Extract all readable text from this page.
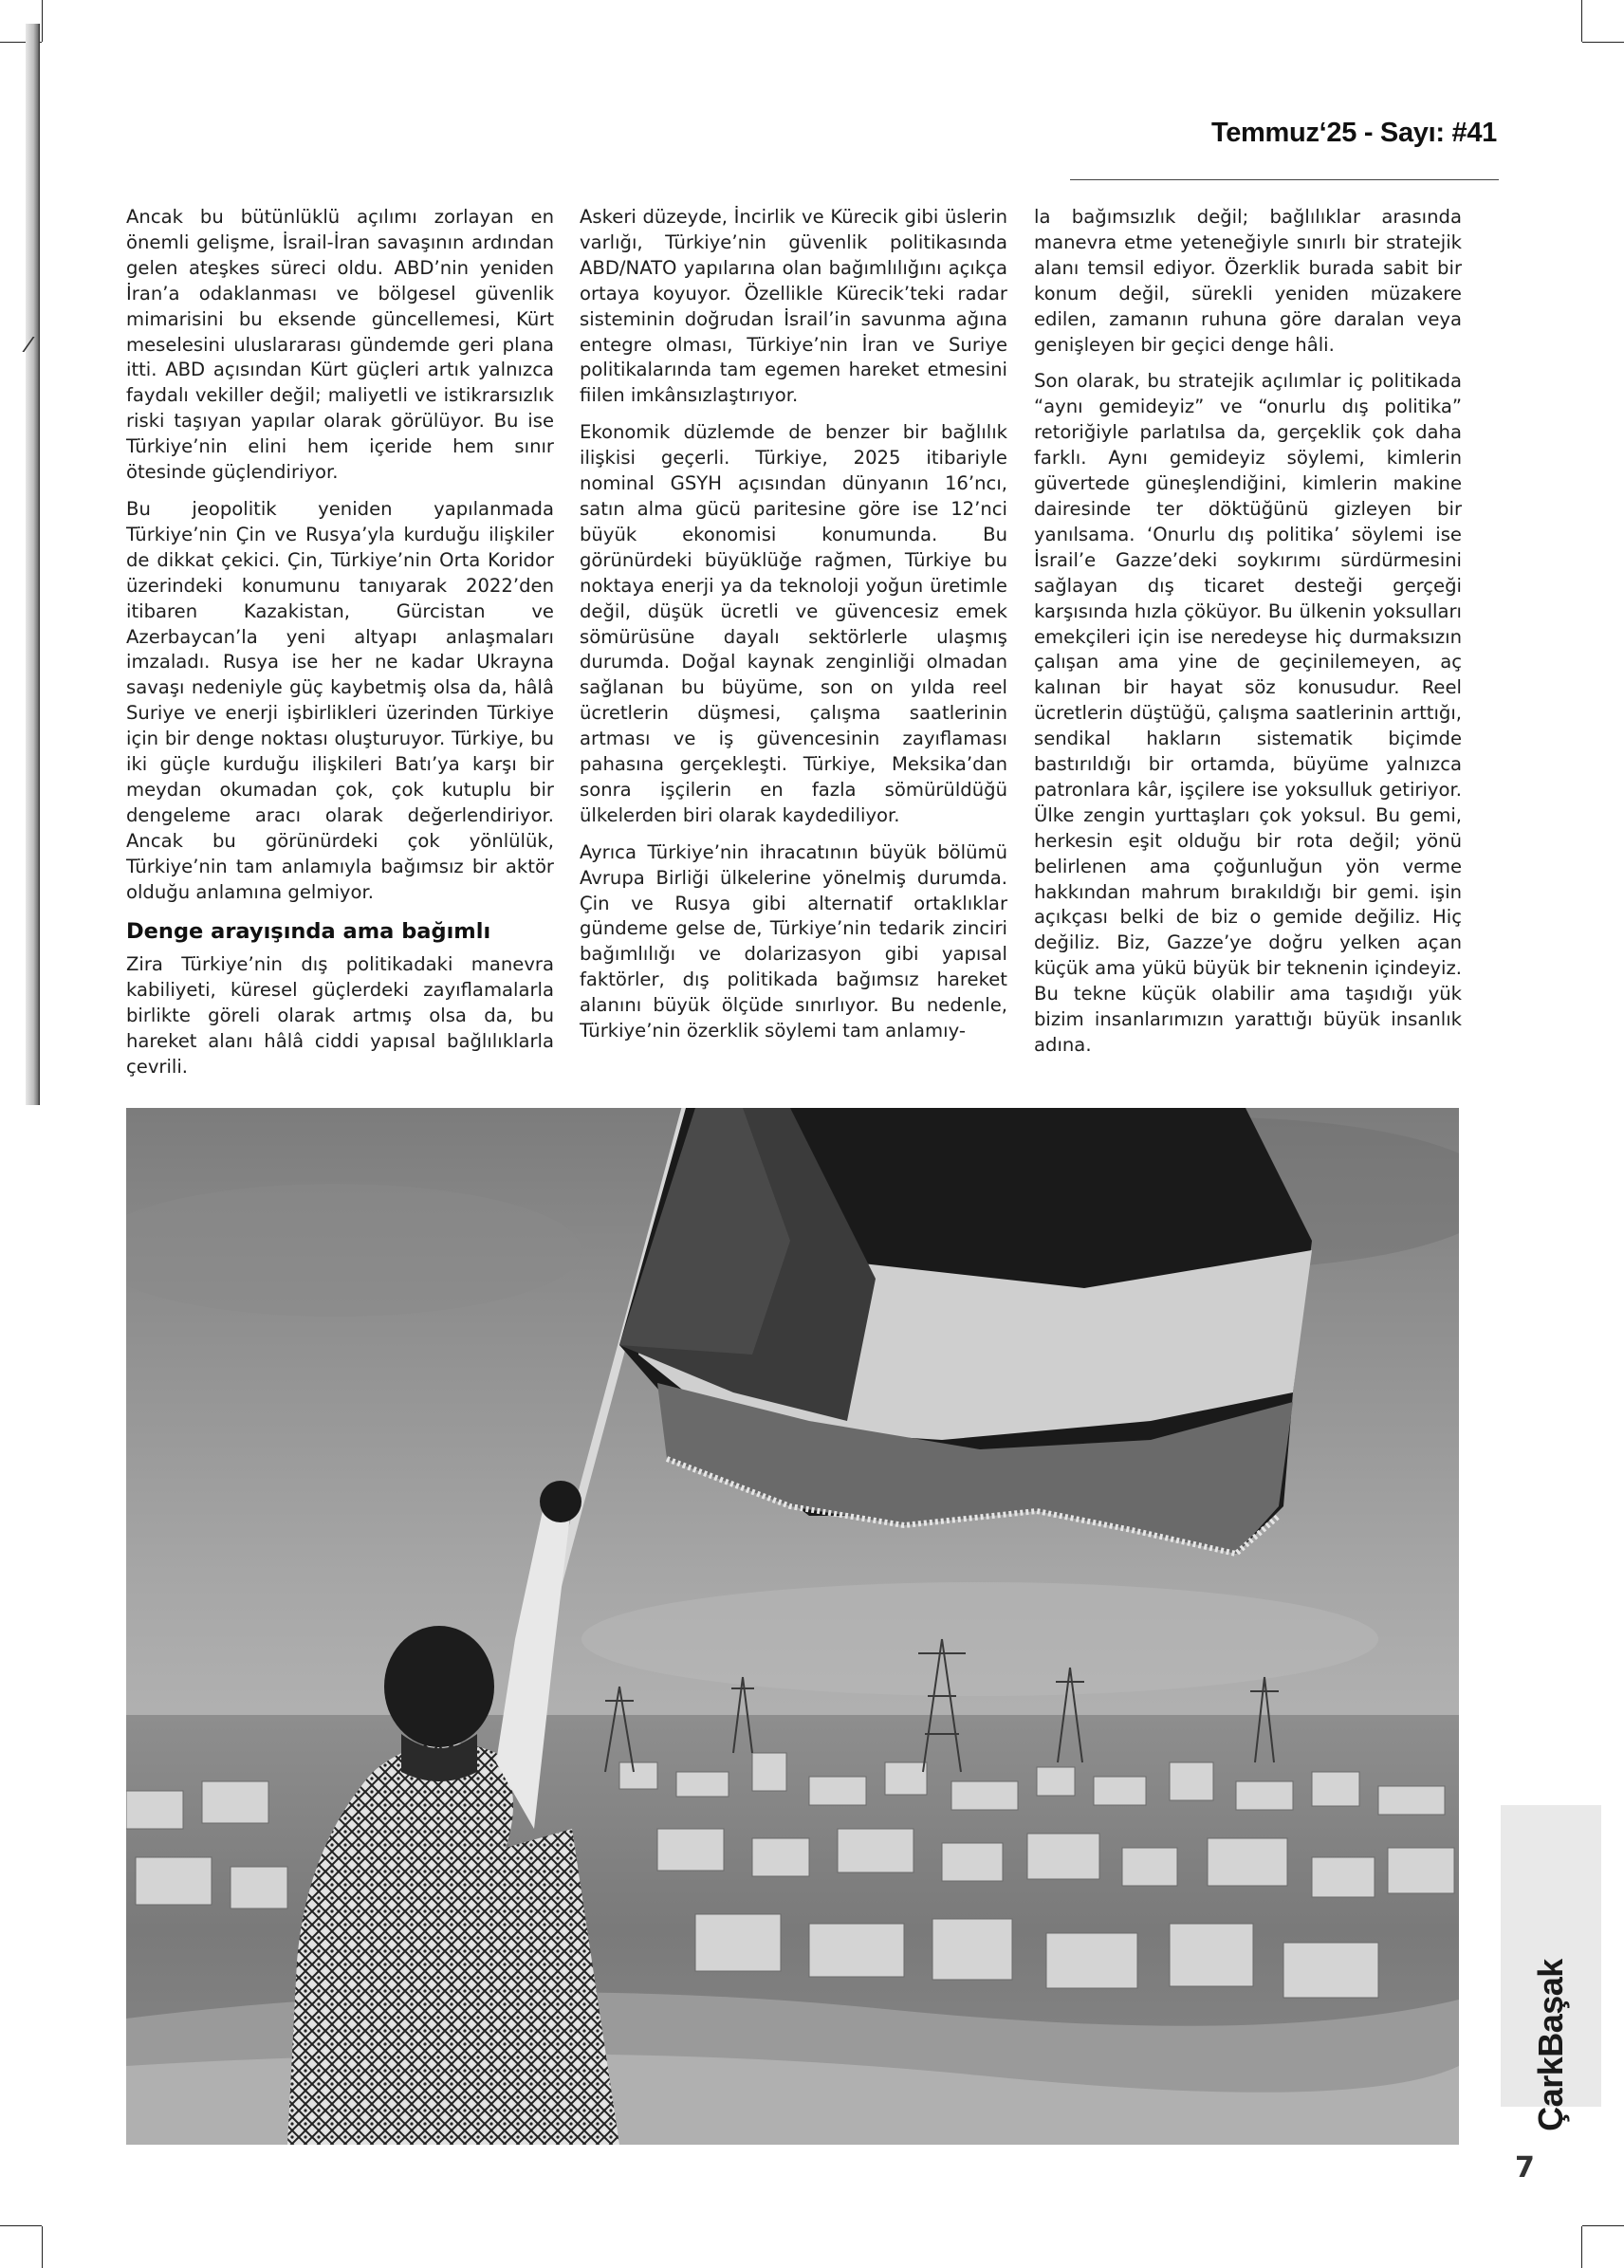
Temmuz‘25 - Sayı: #41

Ancak bu bütünlüklü açılımı zorlayan en önemli gelişme, İsrail-İran savaşının ardından gelen ateşkes süreci oldu. ABD’nin yeniden İran’a odaklanması ve bölgesel güvenlik mimarisini bu eksende güncellemesi, Kürt meselesini uluslararası gündemde geri plana itti. ABD açısından Kürt güçleri artık yalnızca faydalı vekiller değil; maliyetli ve istikrarsızlık riski taşıyan yapılar olarak görülüyor. Bu ise Türkiye’nin elini hem içeride hem sınır ötesinde güçlendiriyor.

Bu jeopolitik yeniden yapılanmada Türkiye’nin Çin ve Rusya’yla kurduğu ilişkiler de dikkat çekici. Çin, Türkiye’nin Orta Koridor üzerindeki konumunu tanıyarak 2022’den itibaren Kazakistan, Gürcistan ve Azerbaycan’la yeni altyapı anlaşmaları imzaladı. Rusya ise her ne kadar Ukrayna savaşı nedeniyle güç kaybetmiş olsa da, hâlâ Suriye ve enerji işbirlikleri üzerinden Türkiye için bir denge noktası oluşturuyor. Türkiye, bu iki güçle kurduğu ilişkileri Batı’ya karşı bir meydan okumadan çok, çok kutuplu bir dengeleme aracı olarak değerlendiriyor. Ancak bu görünürdeki çok yönlülük, Türkiye’nin tam anlamıyla bağımsız bir aktör olduğu anlamına gelmiyor.

Denge arayışında ama bağımlı

Zira Türkiye’nin dış politikadaki manevra kabiliyeti, küresel güçlerdeki zayıflamalarla birlikte göreli olarak artmış olsa da, bu hareket alanı hâlâ ciddi yapısal bağlılıklarla çevrili.

Askeri düzeyde, İncirlik ve Kürecik gibi üslerin varlığı, Türkiye’nin güvenlik politikasında ABD/NATO yapılarına olan bağımlılığını açıkça ortaya koyuyor. Özellikle Kürecik’teki radar sisteminin doğrudan İsrail’in savunma ağına entegre olması, Türkiye’nin İran ve Suriye politikalarında tam egemen hareket etmesini fiilen imkânsızlaştırıyor.

Ekonomik düzlemde de benzer bir bağlılık ilişkisi geçerli. Türkiye, 2025 itibariyle nominal GSYH açısından dünyanın 16’ncı, satın alma gücü paritesine göre ise 12’nci büyük ekonomisi konumunda. Bu görünürdeki büyüklüğe rağmen, Türkiye bu noktaya enerji ya da teknoloji yoğun üretimle değil, düşük ücretli ve güvencesiz emek sömürüsüne dayalı sektörlerle ulaşmış durumda. Doğal kaynak zenginliği olmadan sağlanan bu büyüme, son on yılda reel ücretlerin düşmesi, çalışma saatlerinin artması ve iş güvencesinin zayıflaması pahasına gerçekleşti. Türkiye, Meksika’dan sonra işçilerin en fazla sömürüldüğü ülkelerden biri olarak kaydediliyor.

Ayrıca Türkiye’nin ihracatının büyük bölümü Avrupa Birliği ülkelerine yönelmiş durumda. Çin ve Rusya gibi alternatif ortaklıklar gündeme gelse de, Türkiye’nin tedarik zinciri bağımlılığı ve dolarizasyon gibi yapısal faktörler, dış politikada bağımsız hareket alanını büyük ölçüde sınırlıyor. Bu nedenle, Türkiye’nin özerklik söylemi tam anlamıy-

la bağımsızlık değil; bağlılıklar arasında manevra etme yeteneğiyle sınırlı bir stratejik alanı temsil ediyor. Özerklik burada sabit bir konum değil, sürekli yeniden müzakere edilen, zamanın ruhuna göre daralan veya genişleyen bir geçici denge hâli.

Son olarak, bu stratejik açılımlar iç politikada “aynı gemideyiz” ve “onurlu dış politika” retoriğiyle parlatılsa da, gerçeklik çok daha farklı. Aynı gemideyiz söylemi, kimlerin güvertede güneşlendiğini, kimlerin makine dairesinde ter döktüğünü gizleyen bir yanılsama. ‘Onurlu dış politika’ söylemi ise İsrail’e Gazze’deki soykırımı sürdürmesini sağlayan dış ticaret desteği gerçeği karşısında hızla çöküyor. Bu ülkenin yoksulları emekçileri için ise neredeyse hiç durmaksızın çalışan ama yine de geçinilemeyen, aç kalınan bir hayat söz konusudur. Reel ücretlerin düştüğü, çalışma saatlerinin arttığı, sendikal hakların sistematik biçimde bastırıldığı bir ortamda, büyüme yalnızca patronlara kâr, işçilere ise yoksulluk getiriyor. Ülke zengin yurttaşları çok yoksul. Bu gemi, herkesin eşit olduğu bir rota değil; yönü belirlenen ama çoğunluğun yön verme hakkından mahrum bırakıldığı bir gemi. işin açıkçası belki de biz o gemide değiliz. Hiç değiliz. Biz, Gazze’ye doğru yelken açan küçük ama yükü büyük bir teknenin içindeyiz. Bu tekne küçük olabilir ama taşıdığı yük bizim insanlarımızın yarattığı büyük insanlık adına.

ÇarkBaşak
7
